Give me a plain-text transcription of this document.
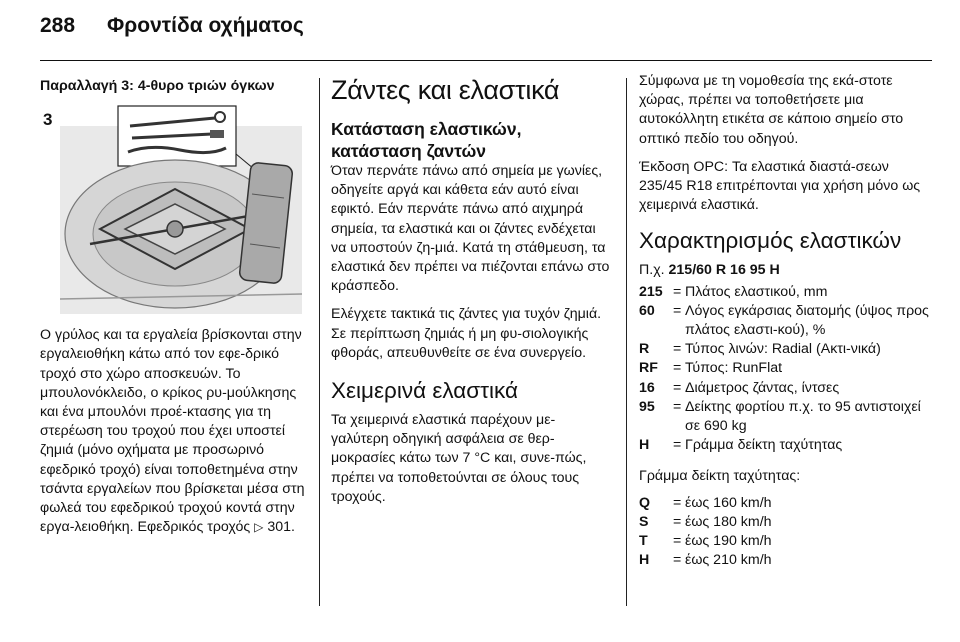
288 Φροντίδα οχήματος
Παραλλαγή 3: 4-θυρο τριών όγκων
3

Ο γρύλος και τα εργαλεία βρίσκονται στην εργαλειοθήκη κάτω από τον εφε-δρικό τροχό στο χώρο αποσκευών. Το μπουλονόκλειδο, ο κρίκος ρυ-μούλκησης και ένα μπουλόνι προέ-κτασης για τη στερέωση του τροχού που έχει υποστεί ζημιά (μόνο οχήματα με προσωρινό εφεδρικό τροχό) είναι τοποθετημένα στην τσάντα εργαλείων που βρίσκεται μέσα στη φωλεά του εφεδρικού τροχού κοντά στην εργα-λειοθήκη. Εφεδρικός τροχός ▷ 301.

Ζάντες και ελαστικά
Κατάσταση ελαστικών, κατάσταση ζαντών

Όταν περνάτε πάνω από σημεία με γωνίες, οδηγείτε αργά και κάθετα εάν αυτό είναι εφικτό. Εάν περνάτε πάνω από αιχμηρά σημεία, τα ελαστικά και οι ζάντες ενδέχεται να υποστούν ζη-μιά. Κατά τη στάθμευση, τα ελαστικά δεν πρέπει να πιέζονται επάνω στο κράσπεδο.

Ελέγχετε τακτικά τις ζάντες για τυχόν ζημιά. Σε περίπτωση ζημιάς ή μη φυ-σιολογικής φθοράς, απευθυνθείτε σε ένα συνεργείο.

Χειμερινά ελαστικά

Τα χειμερινά ελαστικά παρέχουν με-γαλύτερη οδηγική ασφάλεια σε θερ-μοκρασίες κάτω των 7 °C και, συνε-πώς, πρέπει να τοποθετούνται σε όλους τους τροχούς.

Σύμφωνα με τη νομοθεσία της εκά-στοτε χώρας, πρέπει να τοποθετήσετε μια αυτοκόλλητη ετικέτα σε κάποιο σημείο στο οπτικό πεδίο του οδηγού.

Έκδοση OPC: Τα ελαστικά διαστά-σεων 235/45 R18 επιτρέπονται για χρήση μόνο ως χειμερινά ελαστικά.

Χαρακτηρισμός ελαστικών
Π.χ. 215/60 R 16 95 H
215 = Πλάτος ελαστικού, mm
60	= Λόγος εγκάρσιας διατομής (ύψος προς πλάτος ελαστι-κού), %
R	= Τύπος λινών: Radial (Ακτι-νικά)
RF	= Τύπος: RunFlat
16	= Διάμετρος ζάντας, ίντσες
95	= Δείκτης φορτίου π.χ. το 95 αντιστοιχεί σε 690 kg
H	= Γράμμα δείκτη ταχύτητας

Γράμμα δείκτη ταχύτητας:

Q	= έως 160 km/h
S	= έως 180 km/h
T	= έως 190 km/h
H	= έως 210 km/h
